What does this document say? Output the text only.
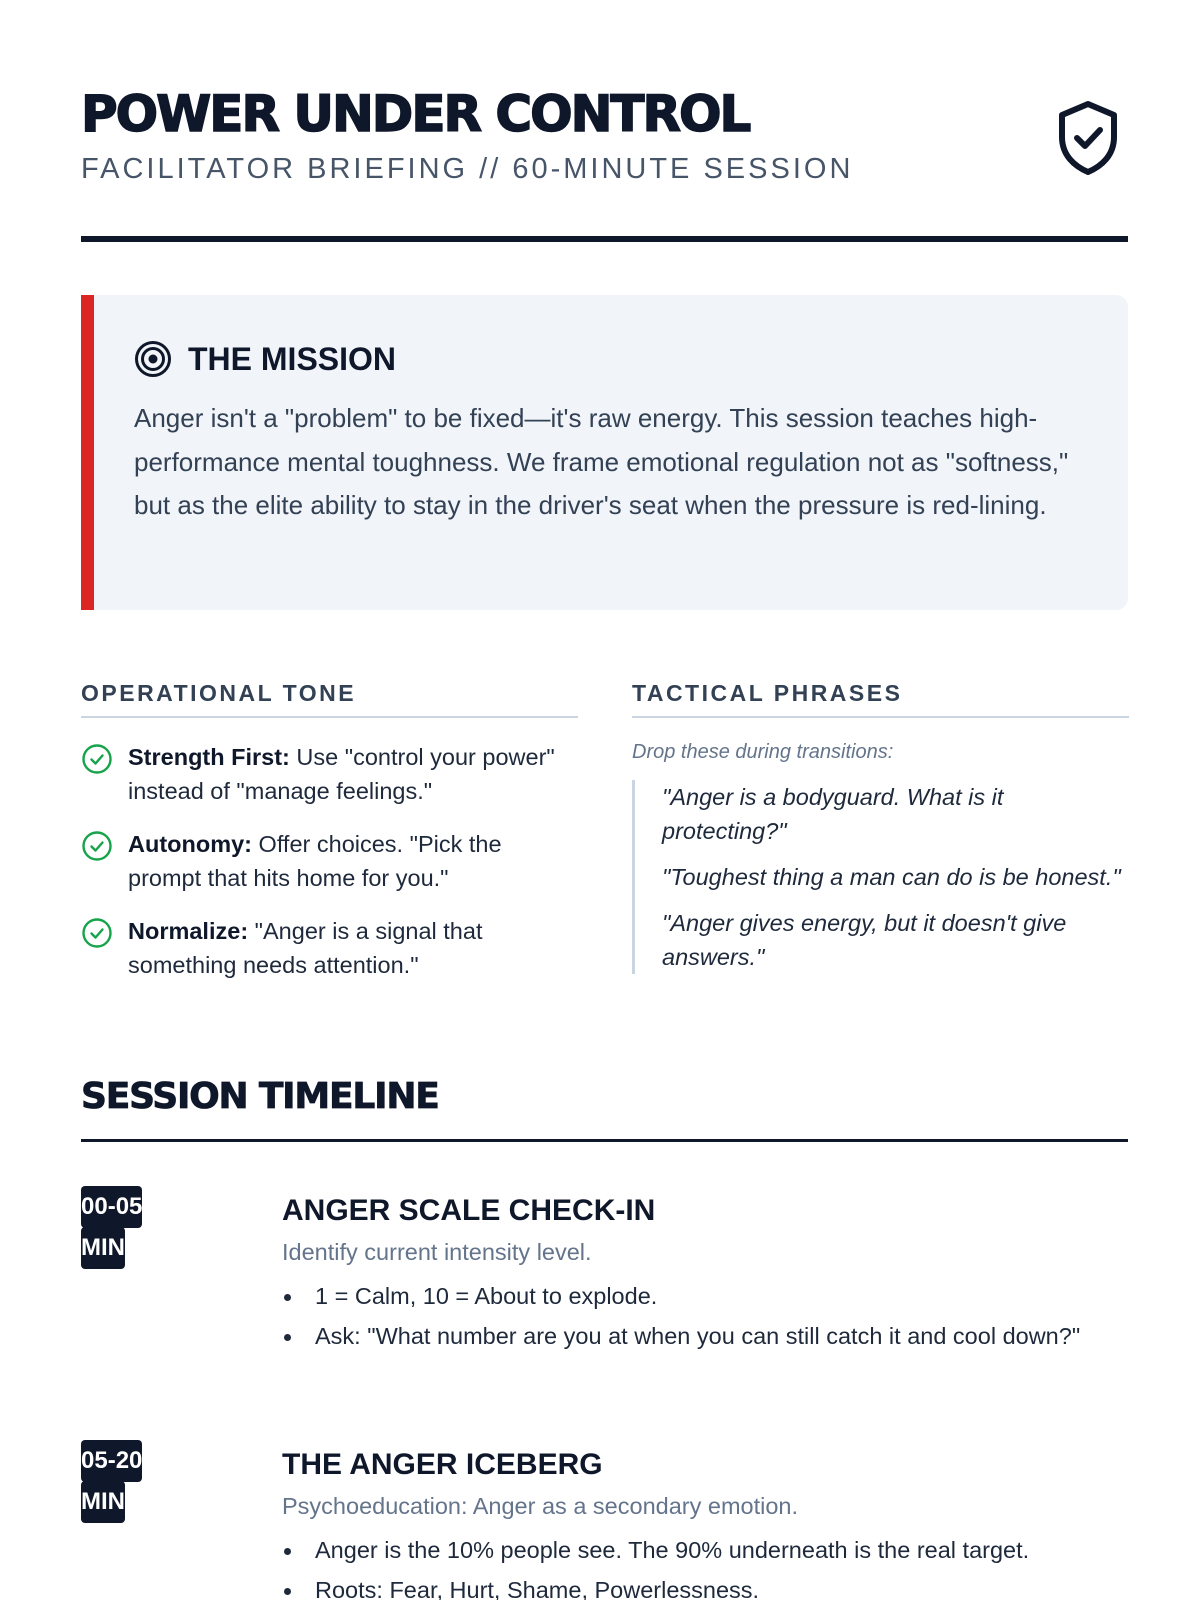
POWER UNDER CONTROL
FACILITATOR BRIEFING // 60-MINUTE SESSION
THE MISSION

Anger isn't a "problem" to be fixed—it's raw energy. This session teaches high-performance mental toughness. We frame emotional regulation not as "softness," but as the elite ability to stay in the driver's seat when the pressure is red-lining.

OPERATIONAL TONE
Strength First: Use "control your power" instead of "manage feelings."
Autonomy: Offer choices. "Pick the prompt that hits home for you."
Normalize: "Anger is a signal that something needs attention."
TACTICAL PHRASES
Drop these during transitions:

"Anger is a bodyguard. What is it protecting?"

"Toughest thing a man can do is be honest."

"Anger gives energy, but it doesn't give answers."

SESSION TIMELINE
00-05 MIN
ANGER SCALE CHECK-IN
Identify current intensity level.
1 = Calm, 10 = About to explode.
Ask: "What number are you at when you can still catch it and cool down?"
05-20 MIN
THE ANGER ICEBERG
Psychoeducation: Anger as a secondary emotion.
Anger is the 10% people see. The 90% underneath is the real target.
Roots: Fear, Hurt, Shame, Powerlessness.
